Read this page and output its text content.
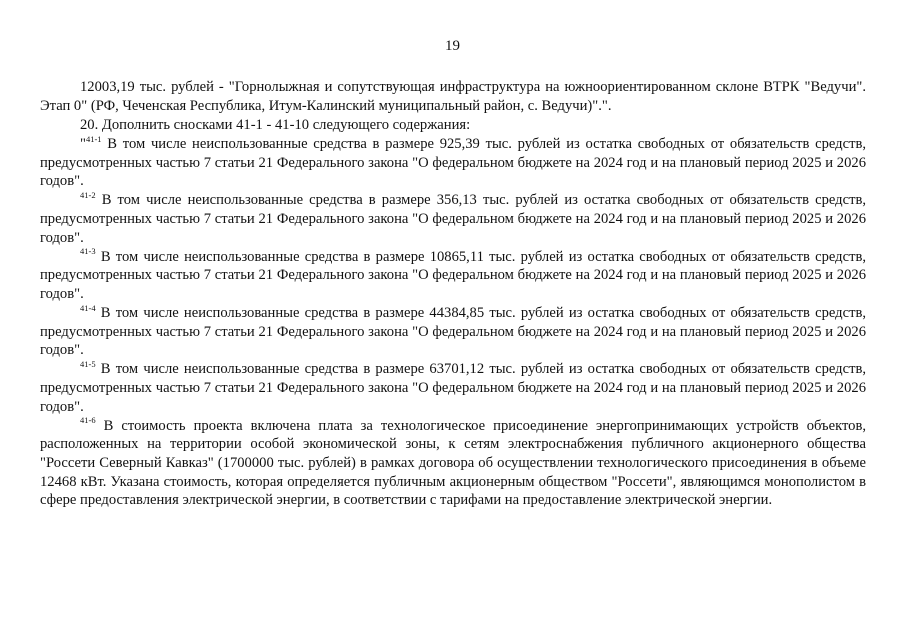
19

12003,19 тыс. рублей - "Горнолыжная и сопутствующая инфраструктура на южноориентированном склоне ВТРК "Ведучи". Этап 0" (РФ, Чеченская Республика, Итум-Калинский муниципальный район, с. Ведучи)".".

20. Дополнить сносками 41-1 - 41-10 следующего содержания:

"$^{41-1}$ В том числе неиспользованные средства в размере 925,39 тыс. рублей из остатка свободных от обязательств средств, предусмотренных частью 7 статьи 21 Федерального закона "О федеральном бюджете на 2024 год и на плановый период 2025 и 2026 годов".

$^{41-2}$ В том числе неиспользованные средства в размере 356,13 тыс. рублей из остатка свободных от обязательств средств, предусмотренных частью 7 статьи 21 Федерального закона "О федеральном бюджете на 2024 год и на плановый период 2025 и 2026 годов".

$^{41-3}$ В том числе неиспользованные средства в размере 10865,11 тыс. рублей из остатка свободных от обязательств средств, предусмотренных частью 7 статьи 21 Федерального закона "О федеральном бюджете на 2024 год и на плановый период 2025 и 2026 годов".

$^{41-4}$ В том числе неиспользованные средства в размере 44384,85 тыс. рублей из остатка свободных от обязательств средств, предусмотренных частью 7 статьи 21 Федерального закона "О федеральном бюджете на 2024 год и на плановый период 2025 и 2026 годов".

$^{41-5}$ В том числе неиспользованные средства в размере 63701,12 тыс. рублей из остатка свободных от обязательств средств, предусмотренных частью 7 статьи 21 Федерального закона "О федеральном бюджете на 2024 год и на плановый период 2025 и 2026 годов".

$^{41-6}$ В стоимость проекта включена плата за технологическое присоединение энергопринимающих устройств объектов, расположенных на территории особой экономической зоны, к сетям электроснабжения публичного акционерного общества "Россети Северный Кавказ" (1700000 тыс. рублей) в рамках договора об осуществлении технологического присоединения в объеме 12468 кВт. Указана стоимость, которая определяется публичным акционерным обществом "Россети", являющимся монополистом в сфере предоставления электрической энергии, в соответствии с тарифами на предоставление электрической энергии.
